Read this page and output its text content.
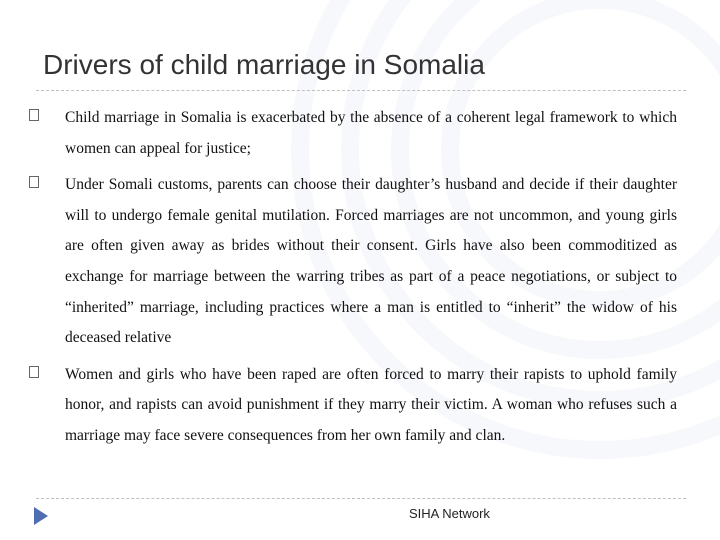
Drivers of child marriage in Somalia
Child marriage in Somalia is exacerbated by the absence of a coherent legal framework to which women can appeal for justice;
Under Somali customs, parents can choose their daughter’s husband and decide if their daughter will to undergo female genital mutilation. Forced marriages are not uncommon, and young girls are often given away as brides without their consent. Girls have also been commoditized as exchange for marriage between the warring tribes as part of a peace negotiations, or subject to “inherited” marriage, including practices where a man is entitled to “inherit” the widow of his deceased relative
Women and girls who have been raped are often forced to marry their rapists to uphold family honor, and rapists can avoid punishment if they marry their victim. A woman who refuses such a marriage may face severe consequences from her own family and clan.
SIHA Network
